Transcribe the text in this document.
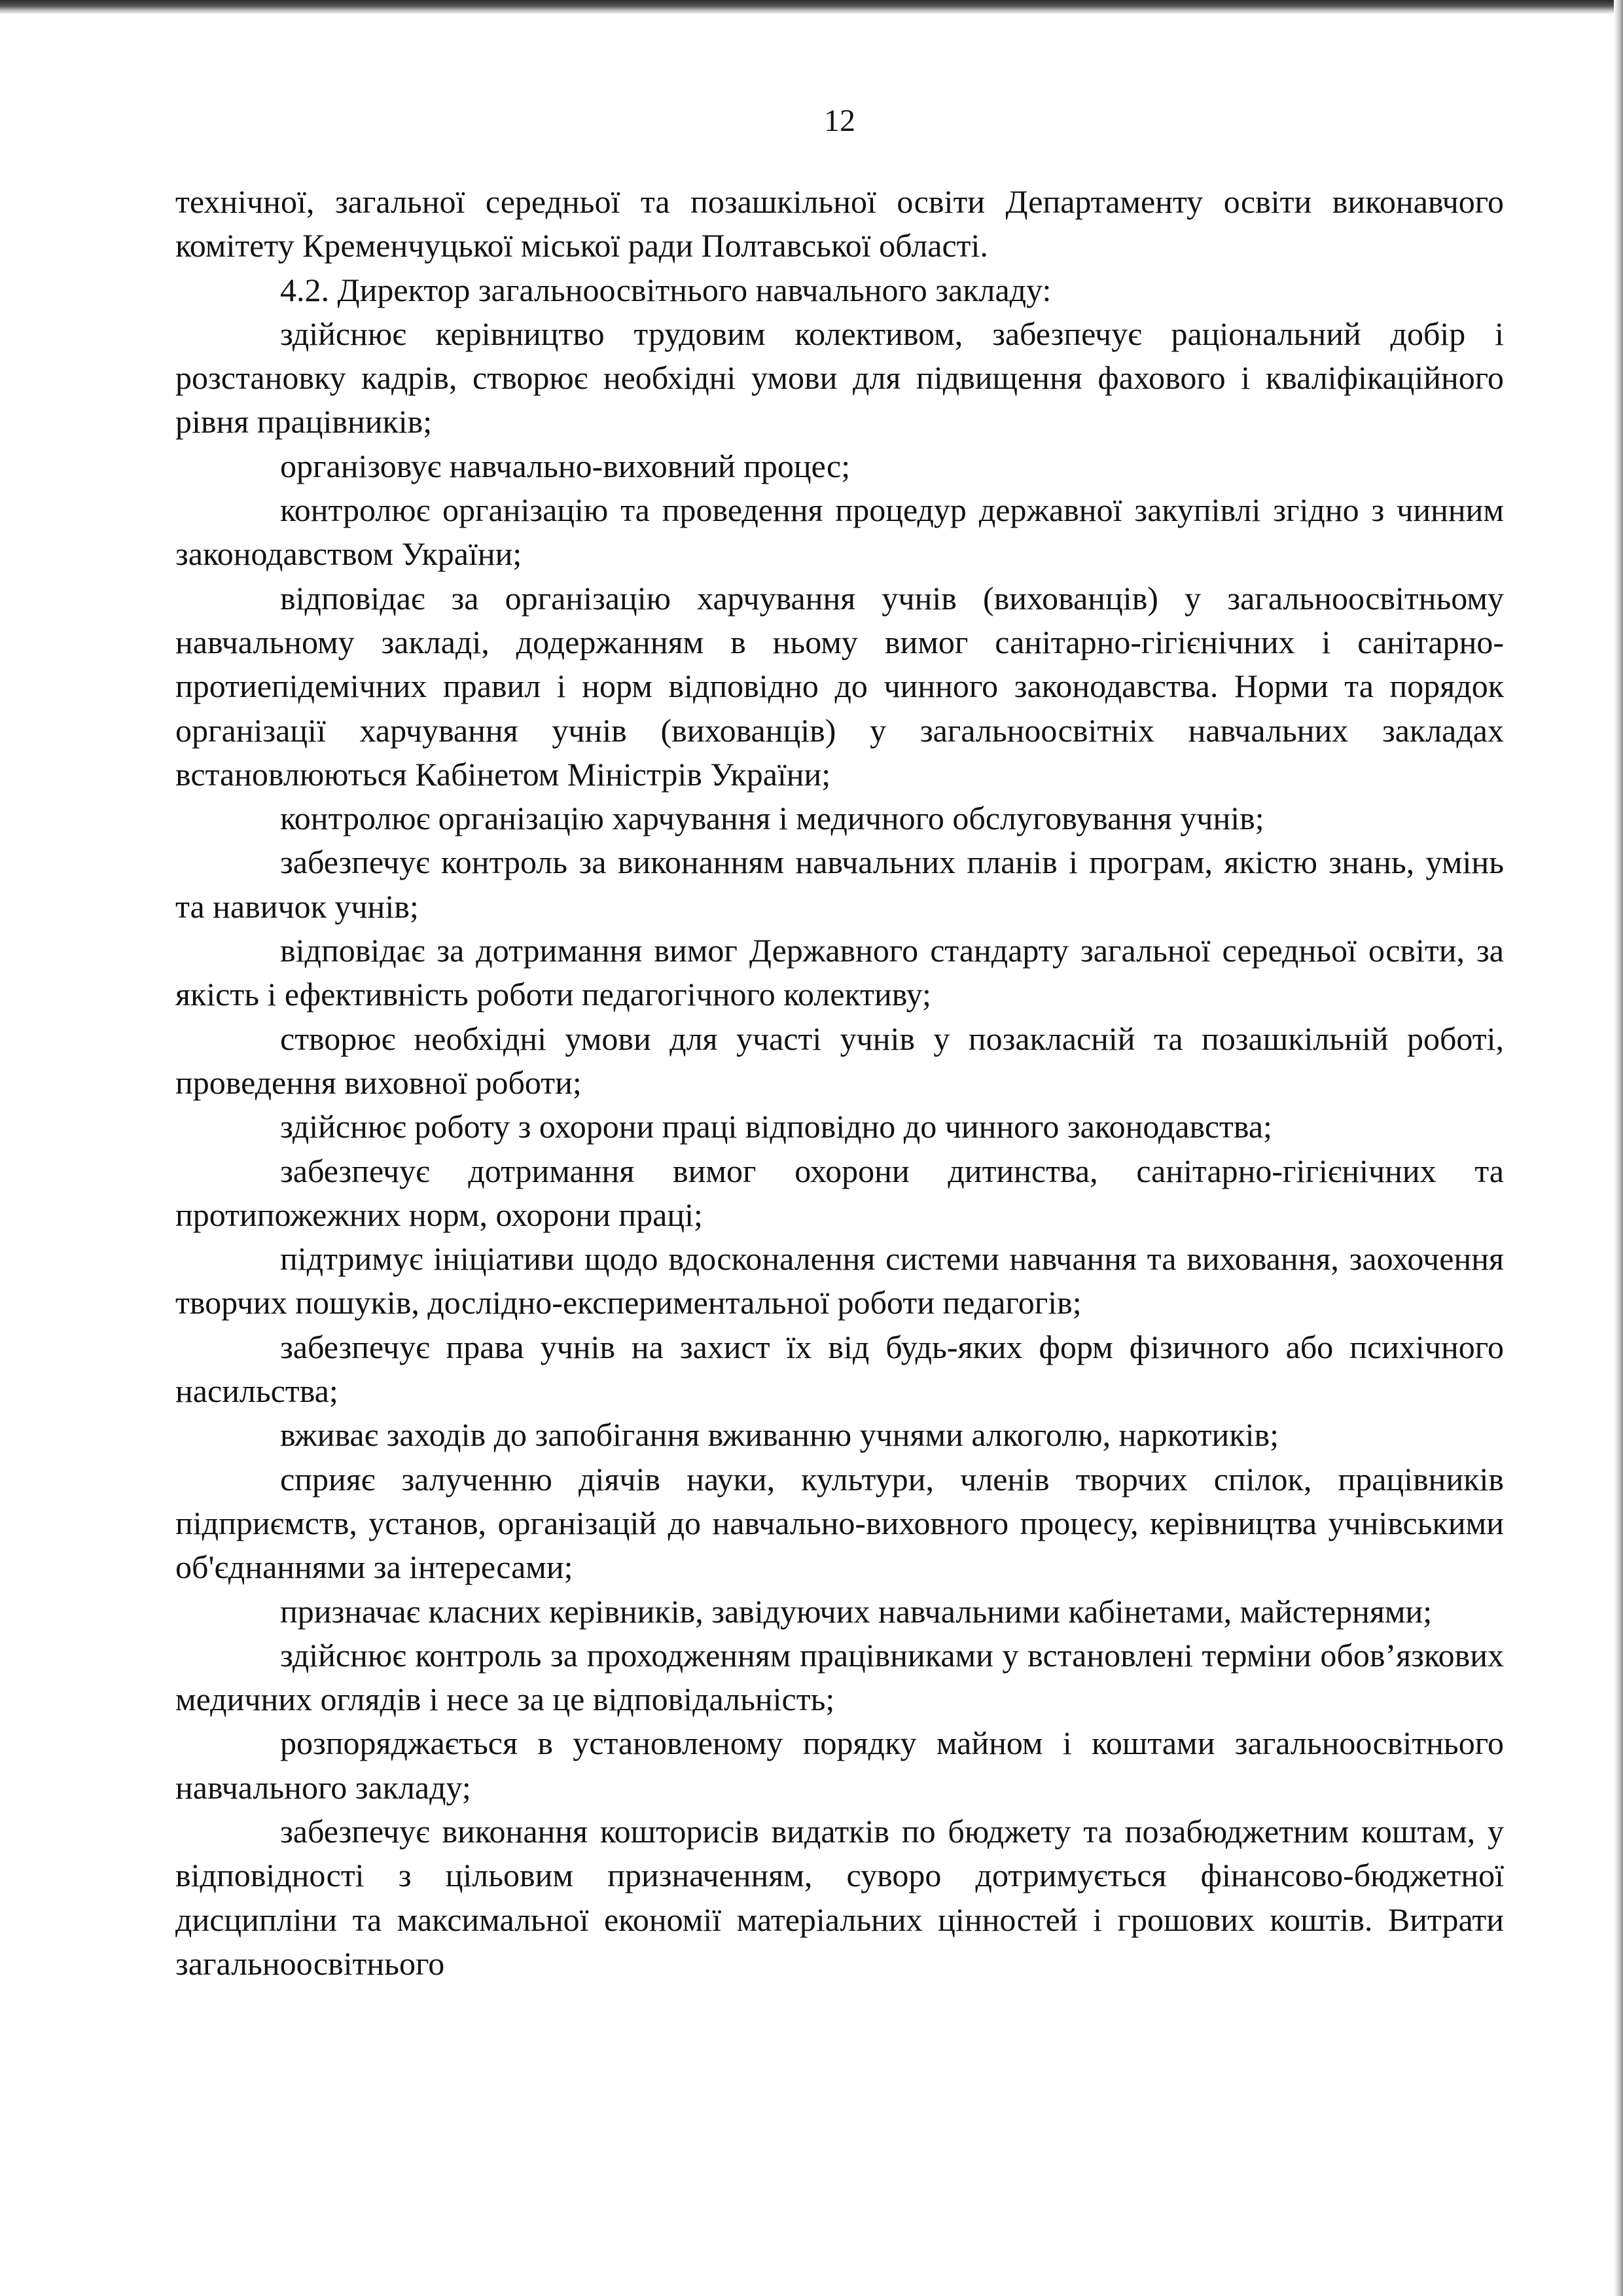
12

технічної, загальної середньої та позашкільної освіти Департаменту освіти виконавчого комітету Кременчуцької міської ради Полтавської області.

4.2. Директор загальноосвітнього навчального закладу:

здійснює керівництво трудовим колективом, забезпечує раціональний добір і розстановку кадрів, створює необхідні умови для підвищення фахового і кваліфікаційного рівня працівників;

організовує навчально-виховний процес;

контролює організацію та проведення процедур державної закупівлі згідно з чинним законодавством України;

відповідає за організацію харчування учнів (вихованців) у загальноосвітньому навчальному закладі, додержанням в ньому вимог санітарно-гігієнічних і санітарно-протиепідемічних правил і норм відповідно до чинного законодавства. Норми та порядок організації харчування учнів (вихованців) у загальноосвітніх навчальних закладах встановлюються Кабінетом Міністрів України;

контролює організацію харчування і медичного обслуговування учнів;

забезпечує контроль за виконанням навчальних планів і програм, якістю знань, умінь та навичок учнів;

відповідає за дотримання вимог Державного стандарту загальної середньої освіти, за якість і ефективність роботи педагогічного колективу;

створює необхідні умови для участі учнів у позакласній та позашкільній роботі, проведення виховної роботи;

здійснює роботу з охорони праці відповідно до чинного законодавства;

забезпечує дотримання вимог охорони дитинства, санітарно-гігієнічних та протипожежних норм, охорони праці;

підтримує ініціативи щодо вдосконалення системи навчання та виховання, заохочення творчих пошуків, дослідно-експериментальної роботи педагогів;

забезпечує права учнів на захист їх від будь-яких форм фізичного або психічного насильства;

вживає заходів до запобігання вживанню учнями алкоголю, наркотиків;

сприяє залученню діячів науки, культури, членів творчих спілок, працівників підприємств, установ, організацій до навчально-виховного процесу, керівництва учнівськими об'єднаннями за інтересами;

призначає класних керівників, завідуючих навчальними кабінетами, майстернями;

здійснює контроль за проходженням працівниками у встановлені терміни обов’язкових медичних оглядів і несе за це відповідальність;

розпоряджається в установленому порядку майном і коштами загальноосвітнього навчального закладу;

забезпечує виконання кошторисів видатків по бюджету та позабюджетним коштам, у відповідності з цільовим призначенням, суворо дотримується фінансово-бюджетної дисципліни та максимальної економії матеріальних цінностей і грошових коштів. Витрати загальноосвітнього
